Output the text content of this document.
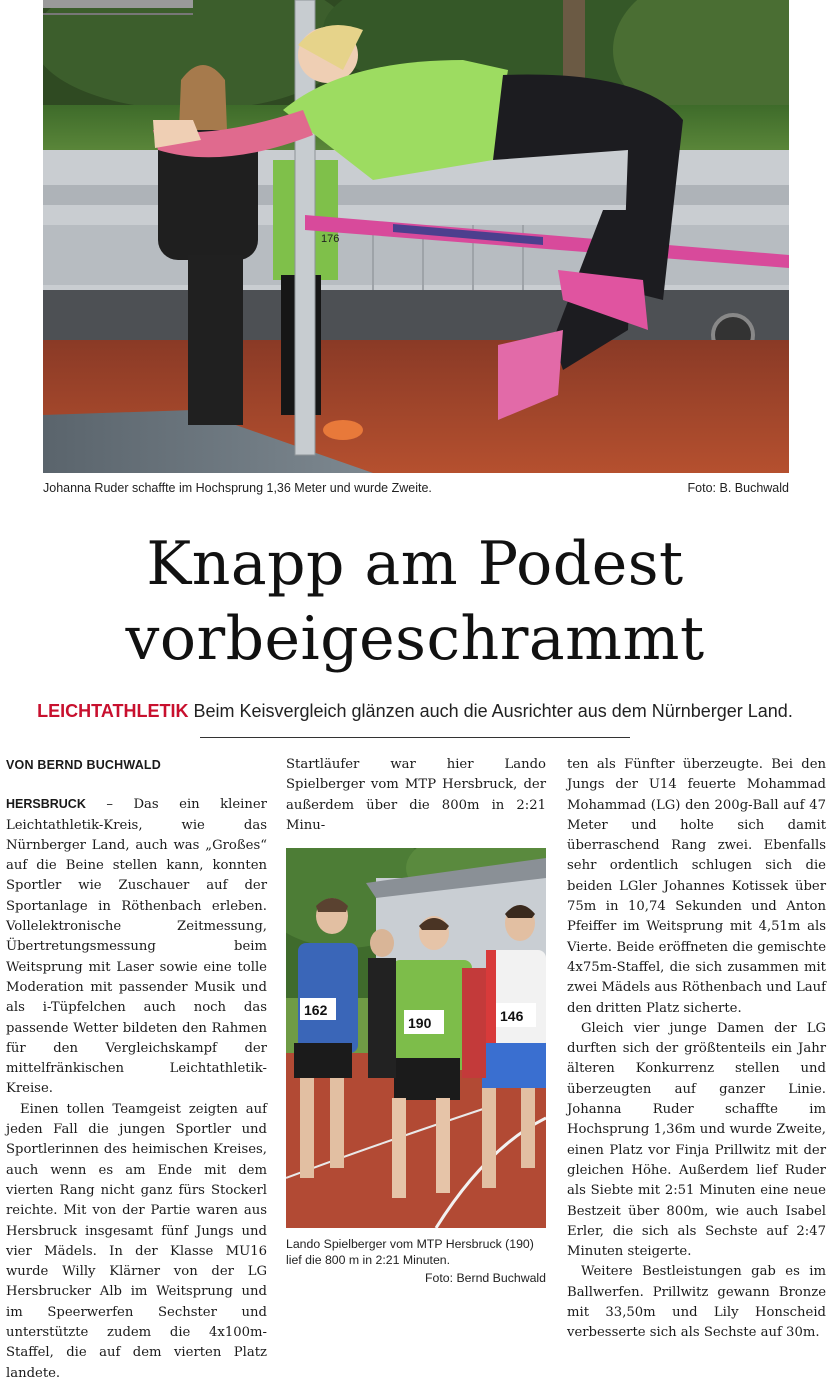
176
Johanna Ruder schaffte im Hochsprung 1,36 Meter und wurde Zweite.	Foto: B. Buchwald
Knapp am Podest
vorbeigeschrammt
LEICHTATHLETIK Beim Keisvergleich glänzen auch die Ausrichter aus dem Nürnberger Land.

VON BERND BUCHWALD

HERSBRUCK – Das ein kleiner Leichtathletik-Kreis, wie das Nürnberger Land, auch was „Großes“ auf die Beine stellen kann, konnten Sportler wie Zuschauer auf der Sportanlage in Röthenbach erleben. Vollelektronische Zeitmessung, Übertretungsmessung beim Weitsprung mit Laser sowie eine tolle Moderation mit passender Musik und als i-Tüpfelchen auch noch das passende Wetter bildeten den Rahmen für den Vergleichskampf der mittelfränkischen Leichtathletik-Kreise.

Einen tollen Teamgeist zeigten auf jeden Fall die jungen Sportler und Sportlerinnen des heimischen Kreises, auch wenn es am Ende mit dem vierten Rang nicht ganz fürs Stockerl reichte. Mit von der Partie waren aus Hersbruck insgesamt fünf Jungs und vier Mädels. In der Klasse MU16 wurde Willy Klärner von der LG Hersbrucker Alb im Weitsprung und im Speerwerfen Sechster und unterstützte zudem die 4x100m-Staffel, die auf dem vierten Platz landete.

Startläufer war hier Lando Spielberger vom MTP Hersbruck, der außerdem über die 800m in 2:21 Minu-

162
190	146
Lando Spielberger vom MTP Hersbruck (190) lief die 800 m in 2:21 Minuten.
Foto: Bernd Buchwald

ten als Fünfter überzeugte. Bei den Jungs der U14 feuerte Mohammad Mohammad (LG) den 200g-Ball auf 47 Meter und holte sich damit überraschend Rang zwei. Ebenfalls sehr ordentlich schlugen sich die beiden LGler Johannes Kotissek über 75m in 10,74 Sekunden und Anton Pfeiffer im Weitsprung mit 4,51m als Vierte. Beide eröffneten die gemischte 4x75m-Staffel, die sich zusammen mit zwei Mädels aus Röthenbach und Lauf den dritten Platz sicherte.

Gleich vier junge Damen der LG durften sich der größtenteils ein Jahr älteren Konkurrenz stellen und überzeugten auf ganzer Linie. Johanna Ruder schaffte im Hochsprung 1,36m und wurde Zweite, einen Platz vor Finja Prillwitz mit der gleichen Höhe. Außerdem lief Ruder als Siebte mit 2:51 Minuten eine neue Bestzeit über 800m, wie auch Isabel Erler, die sich als Sechste auf 2:47 Minuten steigerte.

Weitere Bestleistungen gab es im Ballwerfen. Prillwitz gewann Bronze mit 33,50m und Lily Honscheid verbesserte sich als Sechste auf 30m.
